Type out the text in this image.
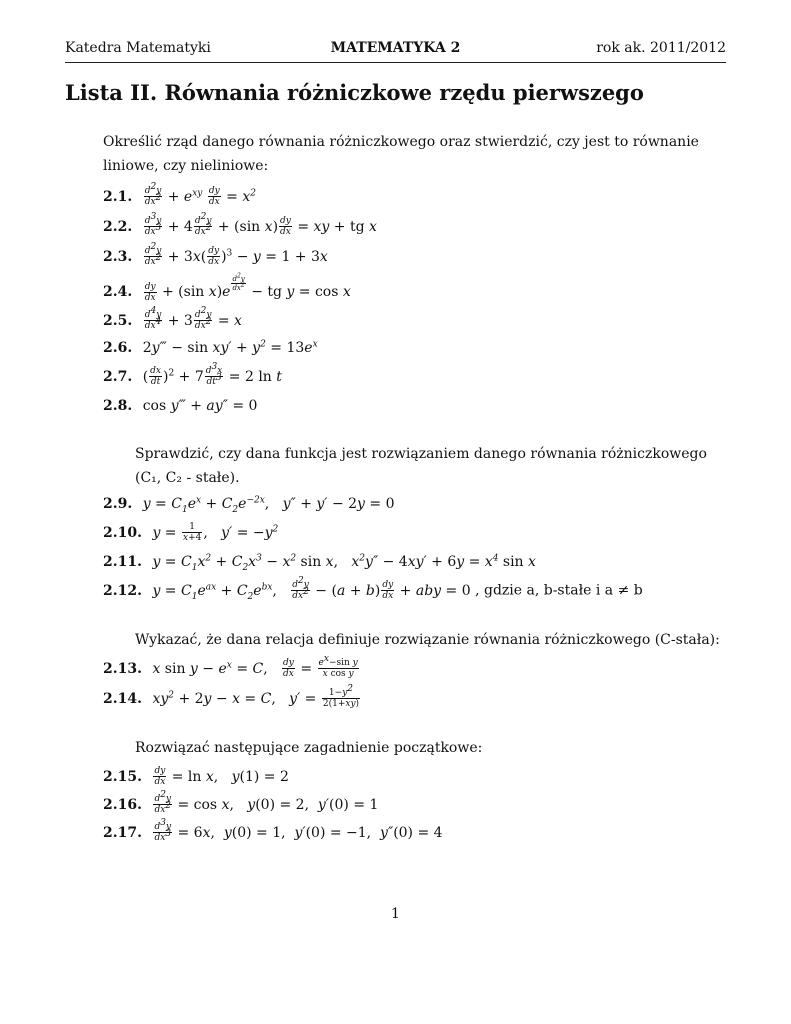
Katedra Matematyki	MATEMATYKA 2	rok ak. 2011/2012
Lista II. Równania różniczkowe rzędu pierwszego
Określić rząd danego równania różniczkowego oraz stwierdzić, czy jest to równanie liniowe, czy nieliniowe:
2.1. $\frac{d^2y}{dx^2} + e^{xy} \frac{dy}{dx} = x^2$
2.2. $\frac{d^3y}{dx^3} + 4 \frac{d^2y}{dx^2} + (\sin$ $x) \frac{dy}{dx}$ = xy + tg x
2.3. $\frac{d^2y}{dx^2} + 3x( \frac{dy}{dx} )^3 - y = 1 + 3x$
2.4. $\frac{dy}{dx} + (\sin$ x)e
$^{\frac{d^2y}{dx^2}}$
− tg y = cos x
2.5. $\frac{d^4y}{dx^4} + 3 \frac{d^2y}{dx^2} = x$
2.6. 2y‴ − $\sin xy' + y^2 = 13e^x$
2.7. ( $\frac{dx}{dt} )^2 + 7 \frac{d^3x}{dt^3} = 2$ ln t
2.8. cos y‴ + ay″ = 0
Sprawdzić, czy dana funkcja jest rozwiązaniem danego równania różniczkowego (C₁, C₂ - stałe).
2.9. $y = C_1e^x + C_2e^{-2x}$,   y″ + y′ − 2y = 0
2.10. $y = \frac{1}{x+4}$ ,   $y' = -y^2$
2.11. $y = C_1x^2 + C_2x^3 - x^2$ sin x,   $x^2y'' - 4xy' + 6y = x^4$ sin x
2.12. $y = C_1e^{ax} + C_2e^{bx}$, $\frac{d^2y}{dx^2} - (a + b) \frac{dy}{dx}$ + aby = 0 , gdzie a, b-stałe i a ≠ b
Wykazać, że dana relacja definiuje rozwiązanie równania różniczkowego (C-stała):
2.13. x $\sin y - e^x = C$, $\frac{dy}{dx} = \frac{e^x-\sin y}{\text{x cos y}}$
2.14. $xy^2 + 2y - x = C$,   $y' = \frac{1-y^2}{2(1+xy)}$
Rozwiązać następujące zagadnienie początkowe:
2.15. $\frac{dy}{dx} = \ln x$,   y(1) = 2
2.16. $\frac{d^2y}{dx^2} = \cos x$,   y(0) = 2,  y′(0) = 1
2.17. $\frac{d^3y}{dx^3} = 6x$,  y(0) = 1,  y′(0) = −1,  y″(0) = 4
1
